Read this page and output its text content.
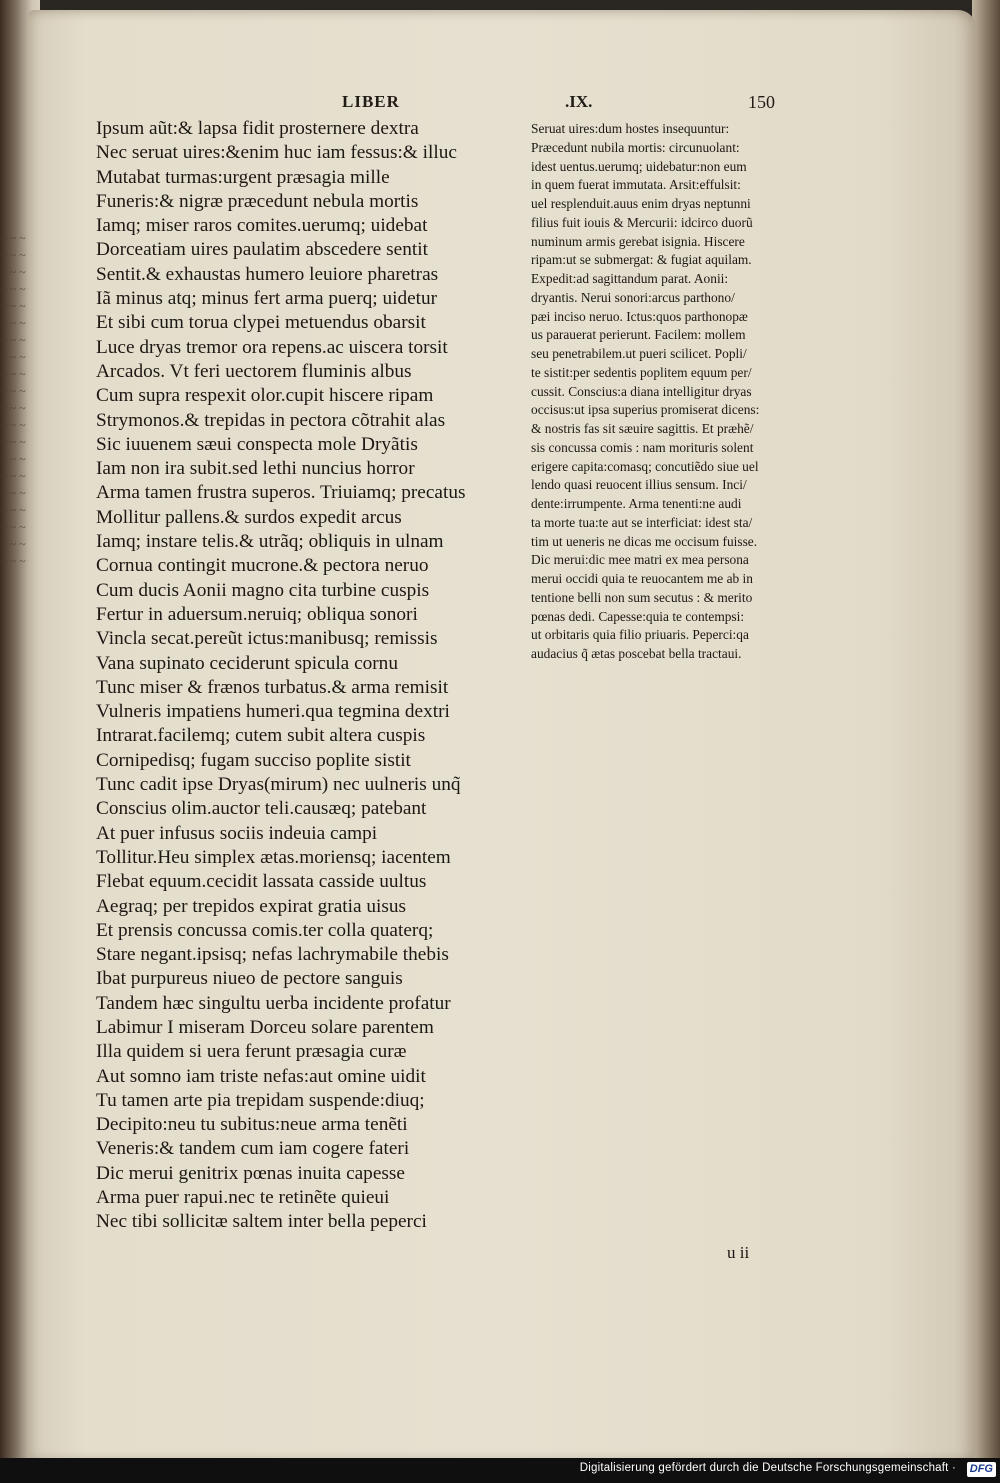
~ ~ ~ ~ ~ ~ ~ ~ ~ ~ ~ ~ ~ ~ ~ ~ ~ ~ ~ ~ ~ ~ ~ ~ ~ ~ ~ ~ ~ ~ ~ ~ ~ ~ ~ ~ ~ ~ ~ ~ ~ ~ ~ ~ ~ ~ ~ ~ ~ ~ ~ ~ ~ ~ ~ ~ ~ ~ ~ ~
LIBER	.IX.	150
Ipsum aũt:& lapsa fidit prosternere dextra
Nec seruat uires:&enim huc iam fessus:& illuc
Mutabat turmas:urgent præsagia mille
Funeris:& nigræ præcedunt nebula mortis
Iamq; miser raros comites.uerumq; uidebat
Dorceatiam uires paulatim abscedere sentit
Sentit.& exhaustas humero leuiore pharetras
Iã minus atq; minus fert arma puerq; uidetur
Et sibi cum torua clypei metuendus obarsit
Luce dryas tremor ora repens.ac uiscera torsit
Arcados. Vt feri uectorem fluminis albus
Cum supra respexit olor.cupit hiscere ripam
Strymonos.& trepidas in pectora cõtrahit alas
Sic iuuenem sæui conspecta mole Dryãtis
Iam non ira subit.sed lethi nuncius horror
Arma tamen frustra superos. Triuiamq; precatus
Mollitur pallens.& surdos expedit arcus
Iamq; instare telis.& utrãq; obliquis in ulnam
Cornua contingit mucrone.& pectora neruo
Cum ducis Aonii magno cita turbine cuspis
Fertur in aduersum.neruiq; obliqua sonori
Vincla secat.pereũt ictus:manibusq; remissis
Vana supinato ceciderunt spicula cornu
Tunc miser & frænos turbatus.& arma remisit
Vulneris impatiens humeri.qua tegmina dextri
Intrarat.facilemq; cutem subit altera cuspis
Cornipedisq; fugam succiso poplite sistit
Tunc cadit ipse Dryas(mirum) nec uulneris unq̃
Conscius olim.auctor teli.causæq; patebant
At puer infusus sociis indeuia campi
Tollitur.Heu simplex ætas.moriensq; iacentem
Flebat equum.cecidit lassata casside uultus
Aegraq; per trepidos expirat gratia uisus
Et prensis concussa comis.ter colla quaterq;
Stare negant.ipsisq; nefas lachrymabile thebis
Ibat purpureus niueo de pectore sanguis
Tandem hæc singultu uerba incidente profatur
Labimur I miseram Dorceu solare parentem
Illa quidem si uera ferunt præsagia curæ
Aut somno iam triste nefas:aut omine uidit
Tu tamen arte pia trepidam suspende:diuq;
Decipito:neu tu subitus:neue arma tenẽti
Veneris:& tandem cum iam cogere fateri
Dic merui genitrix pœnas inuita capesse
Arma puer rapui.nec te retinẽte quieui
Nec tibi sollicitæ saltem inter bella peperci
Seruat uires:dum hostes insequuntur:
Præcedunt nubila mortis: circunuolant:
idest uentus.uerumq; uidebatur:non eum
in quem fuerat immutata. Arsit:effulsit:
uel resplenduit.auus enim dryas neptunni
filius fuit iouis & Mercurii: idcirco duorũ
numinum armis gerebat isignia. Hiscere
ripam:ut se submergat: & fugiat aquilam.
Expedit:ad sagittandum parat. Aonii:
dryantis. Nerui sonori:arcus parthono/
pæi inciso neruo. Ictus:quos parthonopæ
us parauerat perierunt. Facilem: mollem
seu penetrabilem.ut pueri scilicet. Popli/
te sistit:per sedentis poplitem equum per/
cussit. Conscius:a diana intelligitur dryas
occisus:ut ipsa superius promiserat dicens:
& nostris fas sit sæuire sagittis. Et præhẽ/
sis concussa comis : nam morituris solent
erigere capita:comasq; concutiẽdo siue uel
lendo quasi reuocent illius sensum. Inci/
dente:irrumpente. Arma tenenti:ne audi
ta morte tua:te aut se interficiat: idest sta/
tim ut ueneris ne dicas me occisum fuisse.
Dic merui:dic mee matri ex mea persona
merui occidi quia te reuocantem me ab in
tentione belli non sum secutus : & merito
pœnas dedi. Capesse:quia te contempsi:
ut orbitaris quia filio priuaris. Peperci:qa
audacius q̃ ætas poscebat bella tractaui.
u ii
Digitalisierung gefördert durch die Deutsche Forschungsgemeinschaft · DFG
